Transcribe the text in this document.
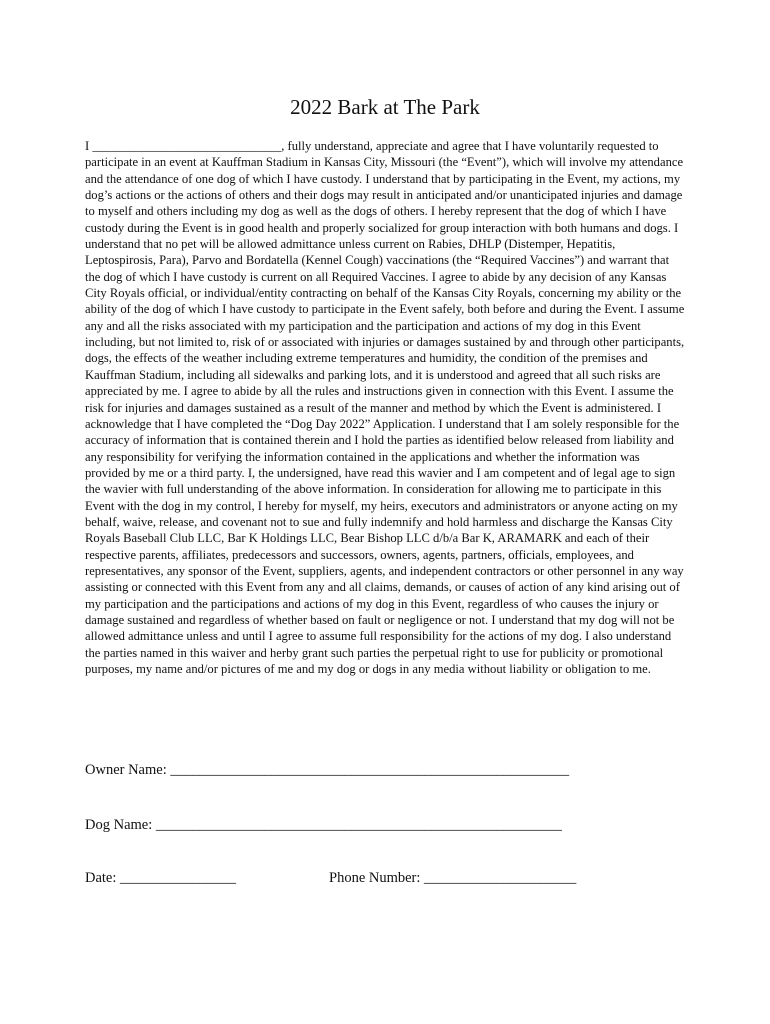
2022 Bark at The Park

I ______________________________, fully understand, appreciate and agree that I have voluntarily requested to participate in an event at Kauffman Stadium in Kansas City, Missouri (the “Event”), which will involve my attendance and the attendance of one dog of which I have custody. I understand that by participating in the Event, my actions, my dog’s actions or the actions of others and their dogs may result in anticipated and/or unanticipated injuries and damage to myself and others including my dog as well as the dogs of others. I hereby represent that the dog of which I have custody during the Event is in good health and properly socialized for group interaction with both humans and dogs. I understand that no pet will be allowed admittance unless current on Rabies, DHLP (Distemper, Hepatitis, Leptospirosis, Para), Parvo and Bordatella (Kennel Cough) vaccinations (the “Required Vaccines”) and warrant that the dog of which I have custody is current on all Required Vaccines. I agree to abide by any decision of any Kansas City Royals official, or individual/entity contracting on behalf of the Kansas City Royals, concerning my ability or the ability of the dog of which I have custody to participate in the Event safely, both before and during the Event. I assume any and all the risks associated with my participation and the participation and actions of my dog in this Event including, but not limited to, risk of or associated with injuries or damages sustained by and through other participants, dogs, the effects of the weather including extreme temperatures and humidity, the condition of the premises and Kauffman Stadium, including all sidewalks and parking lots, and it is understood and agreed that all such risks are appreciated by me. I agree to abide by all the rules and instructions given in connection with this Event. I assume the risk for injuries and damages sustained as a result of the manner and method by which the Event is administered. I acknowledge that I have completed the “Dog Day 2022” Application. I understand that I am solely responsible for the accuracy of information that is contained therein and I hold the parties as identified below released from liability and any responsibility for verifying the information contained in the applications and whether the information was provided by me or a third party. I, the undersigned, have read this wavier and I am competent and of legal age to sign the wavier with full understanding of the above information. In consideration for allowing me to participate in this Event with the dog in my control, I hereby for myself, my heirs, executors and administrators or anyone acting on my behalf, waive, release, and covenant not to sue and fully indemnify and hold harmless and discharge the Kansas City Royals Baseball Club LLC, Bar K Holdings LLC, Bear Bishop LLC d/b/a Bar K, ARAMARK and each of their respective parents, affiliates, predecessors and successors, owners, agents, partners, officials, employees, and representatives, any sponsor of the Event, suppliers, agents, and independent contractors or other personnel in any way assisting or connected with this Event from any and all claims, demands, or causes of action of any kind arising out of my participation and the participations and actions of my dog in this Event, regardless of who causes the injury or damage sustained and regardless of whether based on fault or negligence or not. I understand that my dog will not be allowed admittance unless and until I agree to assume full responsibility for the actions of my dog. I also understand the parties named in this waiver and herby grant such parties the perpetual right to use for publicity or promotional purposes, my name and/or pictures of me and my dog or dogs in any media without liability or obligation to me.

Owner Name: _______________________________________________________
Dog Name: ________________________________________________________
Date: ________________	Phone Number: _____________________
